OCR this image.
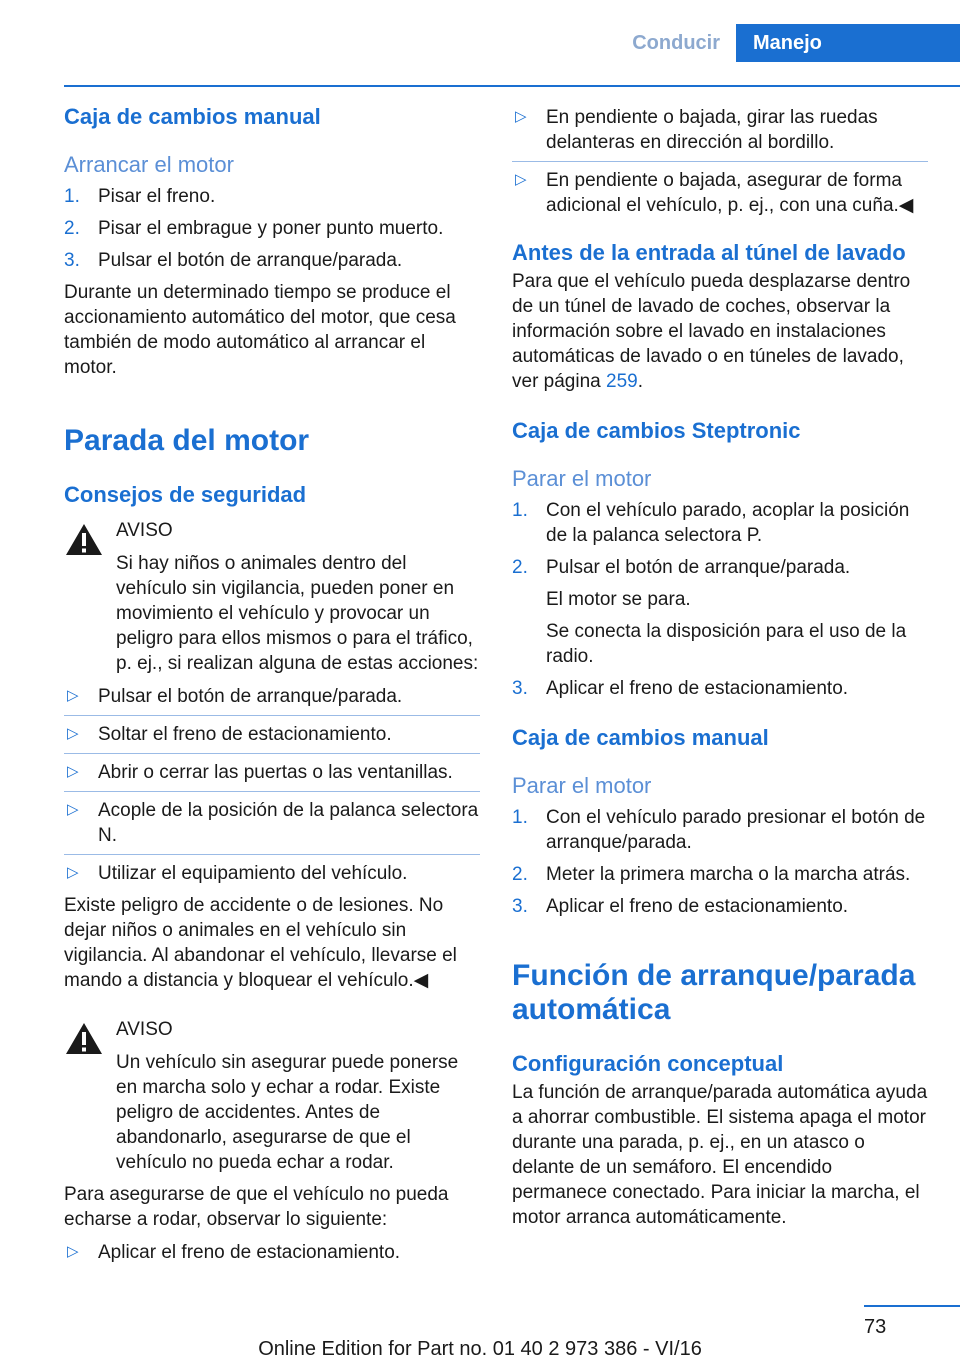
Conducir	Manejo
Caja de cambios manual
Arrancar el motor
1. Pisar el freno.
2. Pisar el embrague y poner punto muerto.
3. Pulsar el botón de arranque/parada.

Durante un determinado tiempo se produce el accionamiento automático del motor, que cesa también de modo automático al arrancar el motor.

Parada del motor
Consejos de seguridad

AVISO

Si hay niños o animales dentro del vehículo sin vigilancia, pueden poner en movimiento el vehículo y provocar un peligro para ellos mismos o para el tráfico, p. ej., si realizan alguna de estas acciones:

▷ Pulsar el botón de arranque/parada.
▷ Soltar el freno de estacionamiento.
▷ Abrir o cerrar las puertas o las ventanillas.
▷ Acople de la posición de la palanca selectora N.
▷ Utilizar el equipamiento del vehículo.

Existe peligro de accidente o de lesiones. No dejar niños o animales en el vehículo sin vigilancia. Al abandonar el vehículo, llevarse el mando a distancia y bloquear el vehículo.◀

AVISO

Un vehículo sin asegurar puede ponerse en marcha solo y echar a rodar. Existe peligro de accidentes. Antes de abandonarlo, asegurarse de que el vehículo no pueda echar a rodar.

Para asegurarse de que el vehículo no pueda echarse a rodar, observar lo siguiente:

▷ Aplicar el freno de estacionamiento.
▷ En pendiente o bajada, girar las ruedas delanteras en dirección al bordillo.
▷ En pendiente o bajada, asegurar de forma adicional el vehículo, p. ej., con una cuña.◀
Antes de la entrada al túnel de lavado

Para que el vehículo pueda desplazarse dentro de un túnel de lavado de coches, observar la información sobre el lavado en instalaciones automáticas de lavado o en túneles de lavado, ver página 259.

Caja de cambios Steptronic
Parar el motor
1. Con el vehículo parado, acoplar la posición de la palanca selectora P.
2. Pulsar el botón de arranque/parada.
El motor se para.
Se conecta la disposición para el uso de la radio.
3. Aplicar el freno de estacionamiento.
Caja de cambios manual
Parar el motor
1. Con el vehículo parado presionar el botón de arranque/parada.
2. Meter la primera marcha o la marcha atrás.
3. Aplicar el freno de estacionamiento.
Función de arranque/parada automática
Configuración conceptual

La función de arranque/parada automática ayuda a ahorrar combustible. El sistema apaga el motor durante una parada, p. ej., en un atasco o delante de un semáforo. El encendido permanece conectado. Para iniciar la marcha, el motor arranca automáticamente.

73
Online Edition for Part no. 01 40 2 973 386 - VI/16
